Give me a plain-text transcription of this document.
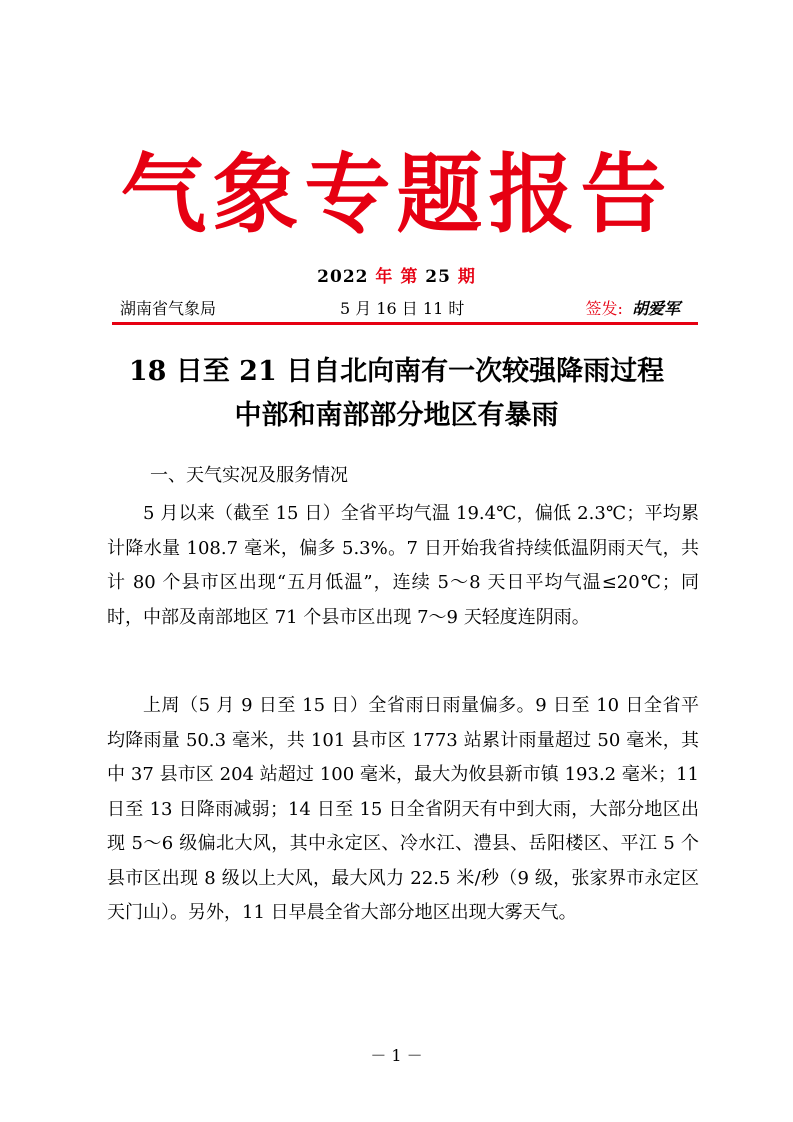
气象专题报告
2022 年 第 25 期
湖南省气象局	5 月 16 日 11 时	签发: 胡爱军
18 日至 21 日自北向南有一次较强降雨过程
中部和南部部分地区有暴雨
一、天气实况及服务情况

5 月以来（截至 15 日）全省平均气温 19.4℃，偏低 2.3℃；平均累计降水量 108.7 毫米，偏多 5.3%。7 日开始我省持续低温阴雨天气，共计 80 个县市区出现“五月低温”，连续 5～8 天日平均气温≤20℃；同时，中部及南部地区 71 个县市区出现 7～9 天轻度连阴雨。

上周（5 月 9 日至 15 日）全省雨日雨量偏多。9 日至 10 日全省平均降雨量 50.3 毫米，共 101 县市区 1773 站累计雨量超过 50 毫米，其中 37 县市区 204 站超过 100 毫米，最大为攸县新市镇 193.2 毫米；11 日至 13 日降雨减弱；14 日至 15 日全省阴天有中到大雨，大部分地区出现 5～6 级偏北大风，其中永定区、冷水江、澧县、岳阳楼区、平江 5 个县市区出现 8 级以上大风，最大风力 22.5 米/秒（9 级，张家界市永定区天门山）。另外，11 日早晨全省大部分地区出现大雾天气。

－ 1 －
